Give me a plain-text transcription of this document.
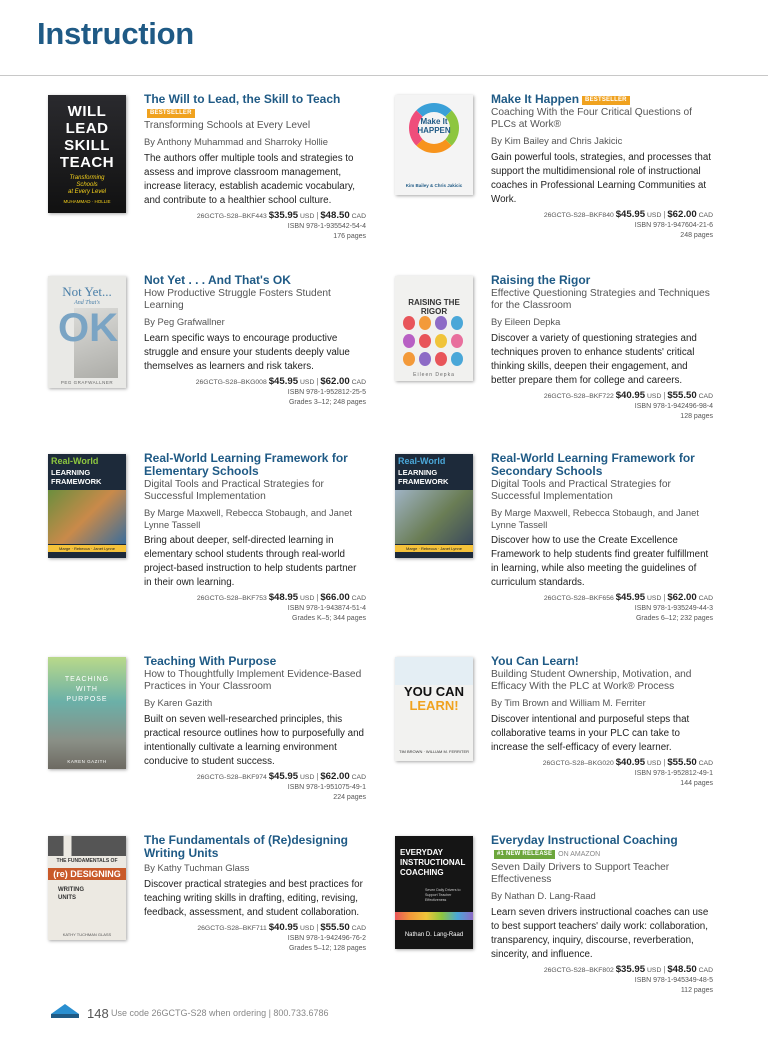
Instruction
WILL
LEAD
SKILL
TEACH
Transforming
Schools
at Every Level
MUHAMMAD · HOLLIE
The Will to Lead, the Skill to TeachBESTSELLER
Transforming Schools at Every Level
By Anthony Muhammad and Sharroky Hollie
The authors offer multiple tools and strategies to assess and improve classroom management, increase literacy, establish academic vocabulary, and contribute to a healthier school culture.
26GCTG-S28–BKF443 $35.95 USD | $48.50 CAD
ISBN 978-1-935542-54-4
176 pages
Make It
HAPPEN
Kim Bailey & Chris Jakicic
Make It Happen BESTSELLER
Coaching With the Four Critical Questions of PLCs at Work®
By Kim Bailey and Chris Jakicic
Gain powerful tools, strategies, and processes that support the multidimensional role of instructional coaches in Professional Learning Communities at Work.
26GCTG-S28–BKF840 $45.95 USD | $62.00 CAD
ISBN 978-1-947604-21-6
248 pages
Not Yet...
And That's
OK
PEG GRAFWALLNER
Not Yet . . . And That's OK
How Productive Struggle Fosters Student Learning
By Peg Grafwallner
Learn specific ways to encourage productive struggle and ensure your students deeply value themselves as learners and risk takers.
26GCTG-S28–BKG008 $45.95 USD | $62.00 CAD
ISBN 978-1-952812-25-5
Grades 3–12; 248 pages
RAISING THE RIGOR
Eileen Depka
Raising the Rigor
Effective Questioning Strategies and Techniques for the Classroom
By Eileen Depka
Discover a variety of questioning strategies and techniques proven to enhance students' critical thinking skills, deepen their engagement, and better prepare them for college and careers.
26GCTG-S28–BKF722 $40.95 USD | $55.50 CAD
ISBN 978-1-942496-98-4
128 pages
Real-World
LEARNING
FRAMEWORK
Marge · Rebecca · Janet Lynne
Real-World Learning Framework for Elementary Schools
Digital Tools and Practical Strategies for Successful Implementation
By Marge Maxwell, Rebecca Stobaugh, and Janet Lynne Tassell
Bring about deeper, self-directed learning in elementary school students through real-world project-based instruction to help students partner in their own learning.
26GCTG-S28–BKF753 $48.95 USD | $66.00 CAD
ISBN 978-1-943874-51-4
Grades K–5; 344 pages
Real-World
LEARNING
FRAMEWORK
Marge · Rebecca · Janet Lynne
Real-World Learning Framework for Secondary Schools
Digital Tools and Practical Strategies for Successful Implementation
By Marge Maxwell, Rebecca Stobaugh, and Janet Lynne Tassell
Discover how to use the Create Excellence Framework to help students find greater fulfillment in learning, while also meeting the guidelines of curriculum standards.
26GCTG-S28–BKF656 $45.95 USD | $62.00 CAD
ISBN 978-1-935249-44-3
Grades 6–12; 232 pages
TEACHING
WITH
PURPOSE
KAREN GAZITH
Teaching With Purpose
How to Thoughtfully Implement Evidence-Based Practices in Your Classroom
By Karen Gazith
Built on seven well-researched principles, this practical resource outlines how to purposefully and intentionally cultivate a learning environment conducive to student success.
26GCTG-S28–BKF974 $45.95 USD | $62.00 CAD
ISBN 978-1-951075-49-1
224 pages
YOU CAN
LEARN!
TIM BROWN · WILLIAM M. FERRITER
You Can Learn!
Building Student Ownership, Motivation, and Efficacy With the PLC at Work® Process
By Tim Brown and William M. Ferriter
Discover intentional and purposeful steps that collaborative teams in your PLC can take to increase the self-efficacy of every learner.
26GCTG-S28–BKG020 $40.95 USD | $55.50 CAD
ISBN 978-1-952812-49-1
144 pages
THE FUNDAMENTALS OF
(re) DESIGNING
WRITING
UNITS
KATHY TUCHMAN GLASS
The Fundamentals of (Re)designing Writing Units
By Kathy Tuchman Glass
Discover practical strategies and best practices for teaching writing skills in drafting, editing, revising, feedback, assessment, and student collaboration.
26GCTG-S28–BKF711 $40.95 USD | $55.50 CAD
ISBN 978-1-942496-76-2
Grades 5–12; 128 pages
EVERYDAY
INSTRUCTIONAL
COACHING
Seven Daily Drivers to Support Teacher Effectiveness
Nathan D. Lang-Raad
Everyday Instructional Coaching#1 NEW RELEASE ON AMAZON
Seven Daily Drivers to Support Teacher Effectiveness
By Nathan D. Lang-Raad
Learn seven drivers instructional coaches can use to best support teachers' daily work: collaboration, transparency, inquiry, discourse, reverberation, sincerity, and influence.
26GCTG-S28–BKF802 $35.95 USD | $48.50 CAD
ISBN 978-1-945349-48-5
112 pages
148 Use code 26GCTG-S28 when ordering | 800.733.6786
